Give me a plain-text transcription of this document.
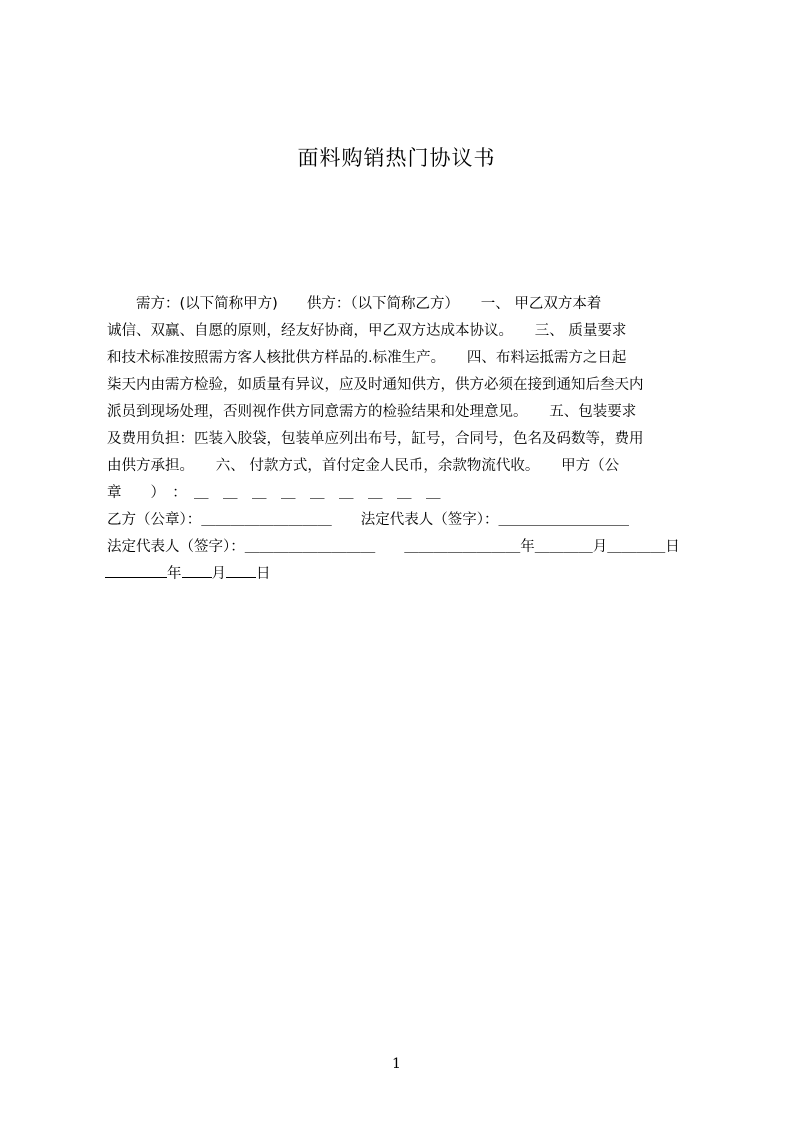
面料购销热门协议书
　　需方：(以下简称甲方)　　供方：（以下简称乙方）　　一、 甲乙双方本着
诚信、双赢、自愿的原则，经友好协商，甲乙双方达成本协议。　　三、 质量要求
和技术标准按照需方客人核批供方样品的.标准生产。　　四、布料运抵需方之日起
柒天内由需方检验，如质量有异议，应及时通知供方，供方必须在接到通知后叁天内
派员到现场处理，否则视作供方同意需方的检验结果和处理意见。　　五、包装要求
及费用负担：匹装入胶袋，包装单应列出布号，缸号，合同号，色名及码数等，费用
由供方承担。　　六、 付款方式，首付定金人民币，余款物流代收。　　甲方（公
章　　）　：　＿　＿　＿　＿　＿　＿　＿　＿　＿
乙方（公章）：＿＿＿＿＿＿＿＿＿　　法定代表人（签字）：＿＿＿＿＿＿＿＿＿
法定代表人（签字）：＿＿＿＿＿＿＿＿＿　　＿＿＿＿＿＿＿＿年＿＿＿＿月＿＿＿＿日
年 月 日
1
